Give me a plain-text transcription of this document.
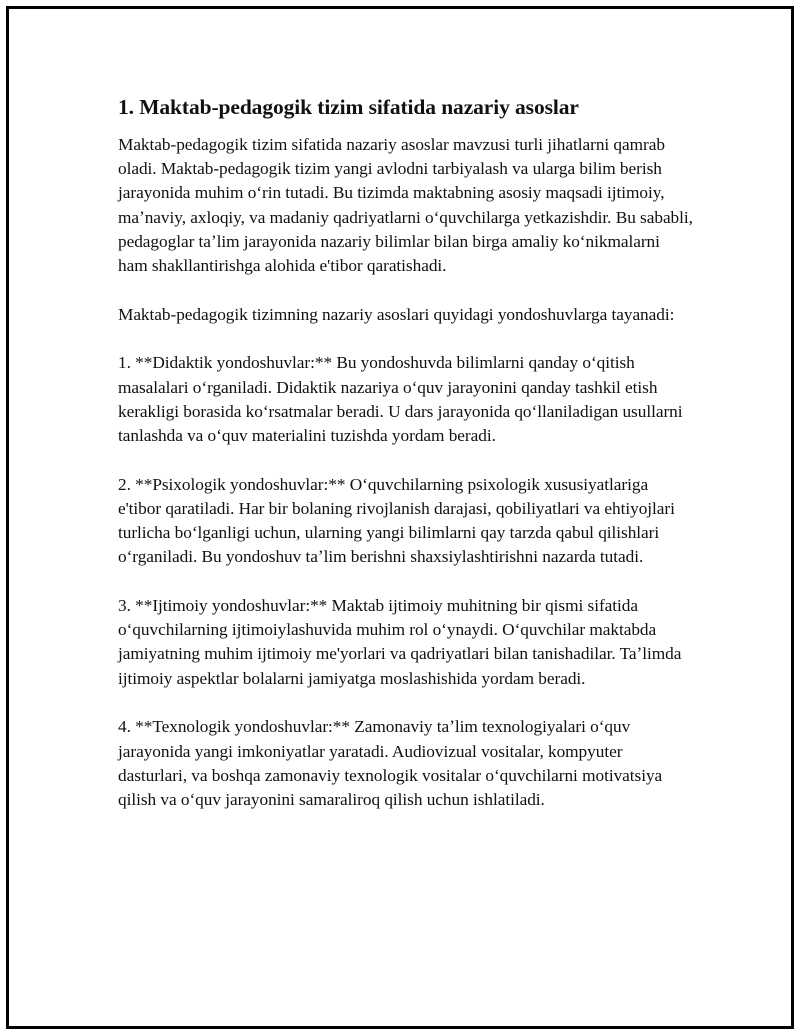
1. Maktab-pedagogik tizim sifatida nazariy asoslar

Maktab-pedagogik tizim sifatida nazariy asoslar mavzusi turli jihatlarni qamrab oladi. Maktab-pedagogik tizim yangi avlodni tarbiyalash va ularga bilim berish jarayonida muhim oʻrin tutadi. Bu tizimda maktabning asosiy maqsadi ijtimoiy, maʼnaviy, axloqiy, va madaniy qadriyatlarni oʻquvchilarga yetkazishdir. Bu sababli, pedagoglar taʼlim jarayonida nazariy bilimlar bilan birga amaliy koʻnikmalarni ham shakllantirishga alohida e'tibor qaratishadi.

Maktab-pedagogik tizimning nazariy asoslari quyidagi yondoshuvlarga tayanadi:

1. **Didaktik yondoshuvlar:** Bu yondoshuvda bilimlarni qanday oʻqitish masalalari oʻrganiladi. Didaktik nazariya oʻquv jarayonini qanday tashkil etish kerakligi borasida koʻrsatmalar beradi. U dars jarayonida qoʻllaniladigan usullarni tanlashda va oʻquv materialini tuzishda yordam beradi.

2. **Psixologik yondoshuvlar:** Oʻquvchilarning psixologik xususiyatlariga e'tibor qaratiladi. Har bir bolaning rivojlanish darajasi, qobiliyatlari va ehtiyojlari turlicha boʻlganligi uchun, ularning yangi bilimlarni qay tarzda qabul qilishlari oʻrganiladi. Bu yondoshuv taʼlim berishni shaxsiylashtirishni nazarda tutadi.

3. **Ijtimoiy yondoshuvlar:** Maktab ijtimoiy muhitning bir qismi sifatida oʻquvchilarning ijtimoiylashuvida muhim rol oʻynaydi. Oʻquvchilar maktabda jamiyatning muhim ijtimoiy me'yorlari va qadriyatlari bilan tanishadilar. Taʼlimda ijtimoiy aspektlar bolalarni jamiyatga moslashishida yordam beradi.

4. **Texnologik yondoshuvlar:** Zamonaviy taʼlim texnologiyalari oʻquv jarayonida yangi imkoniyatlar yaratadi. Audiovizual vositalar, kompyuter dasturlari, va boshqa zamonaviy texnologik vositalar oʻquvchilarni motivatsiya qilish va oʻquv jarayonini samaraliroq qilish uchun ishlatiladi.
